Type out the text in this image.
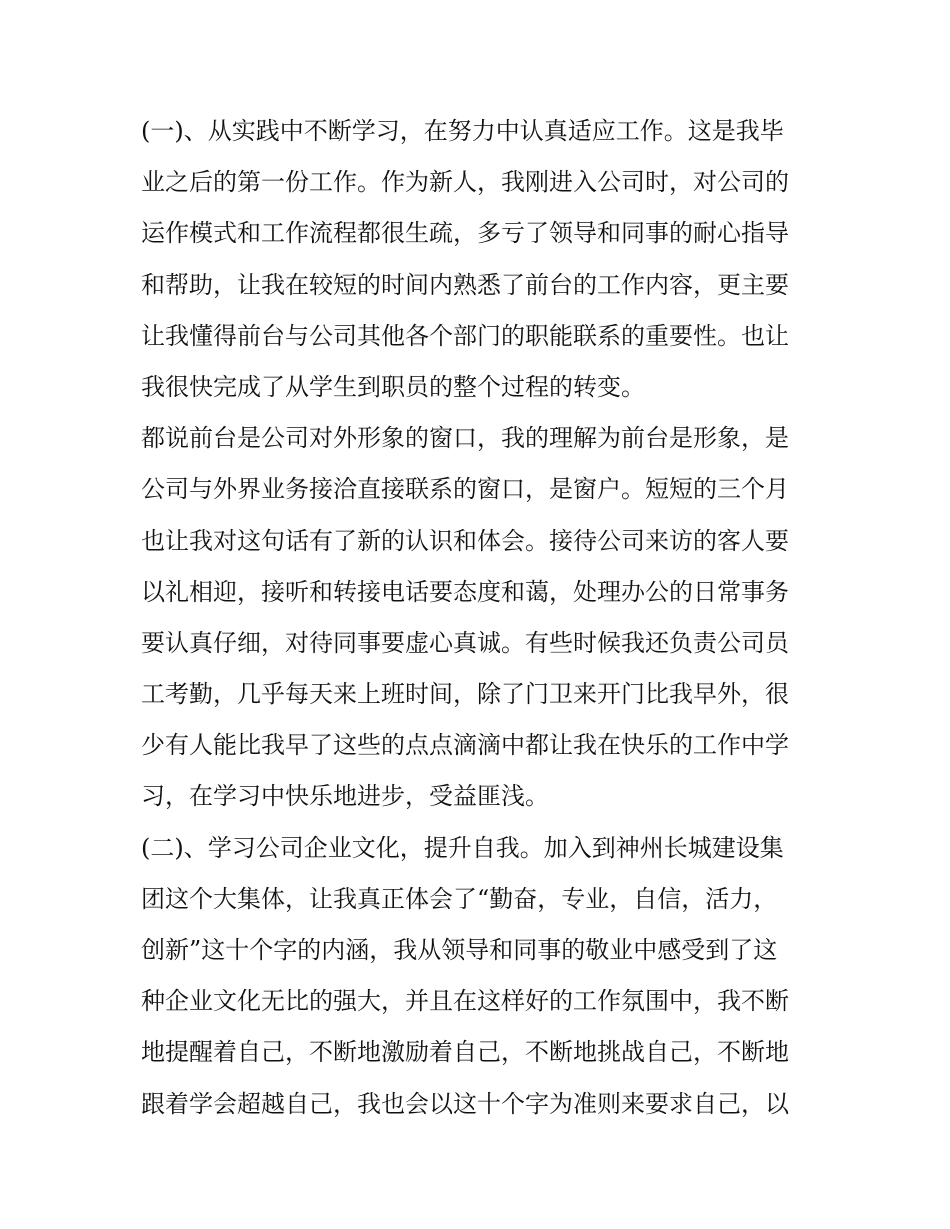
(一)、从实践中不断学习，在努力中认真适应工作。这是我毕
业之后的第一份工作。作为新人，我刚进入公司时，对公司的
运作模式和工作流程都很生疏，多亏了领导和同事的耐心指导
和帮助，让我在较短的时间内熟悉了前台的工作内容，更主要
让我懂得前台与公司其他各个部门的职能联系的重要性。也让
我很快完成了从学生到职员的整个过程的转变。
都说前台是公司对外形象的窗口，我的理解为前台是形象，是
公司与外界业务接洽直接联系的窗口，是窗户。短短的三个月
也让我对这句话有了新的认识和体会。接待公司来访的客人要
以礼相迎，接听和转接电话要态度和蔼，处理办公的日常事务
要认真仔细，对待同事要虚心真诚。有些时候我还负责公司员
工考勤，几乎每天来上班时间，除了门卫来开门比我早外，很
少有人能比我早了这些的点点滴滴中都让我在快乐的工作中学
习，在学习中快乐地进步，受益匪浅。
(二)、学习公司企业文化，提升自我。加入到神州长城建设集
团这个大集体，让我真正体会了“勤奋，专业，自信，活力，
创新”这十个字的内涵，我从领导和同事的敬业中感受到了这
种企业文化无比的强大，并且在这样好的工作氛围中，我不断
地提醒着自己，不断地激励着自己，不断地挑战自己，不断地
跟着学会超越自己，我也会以这十个字为准则来要求自己，以
